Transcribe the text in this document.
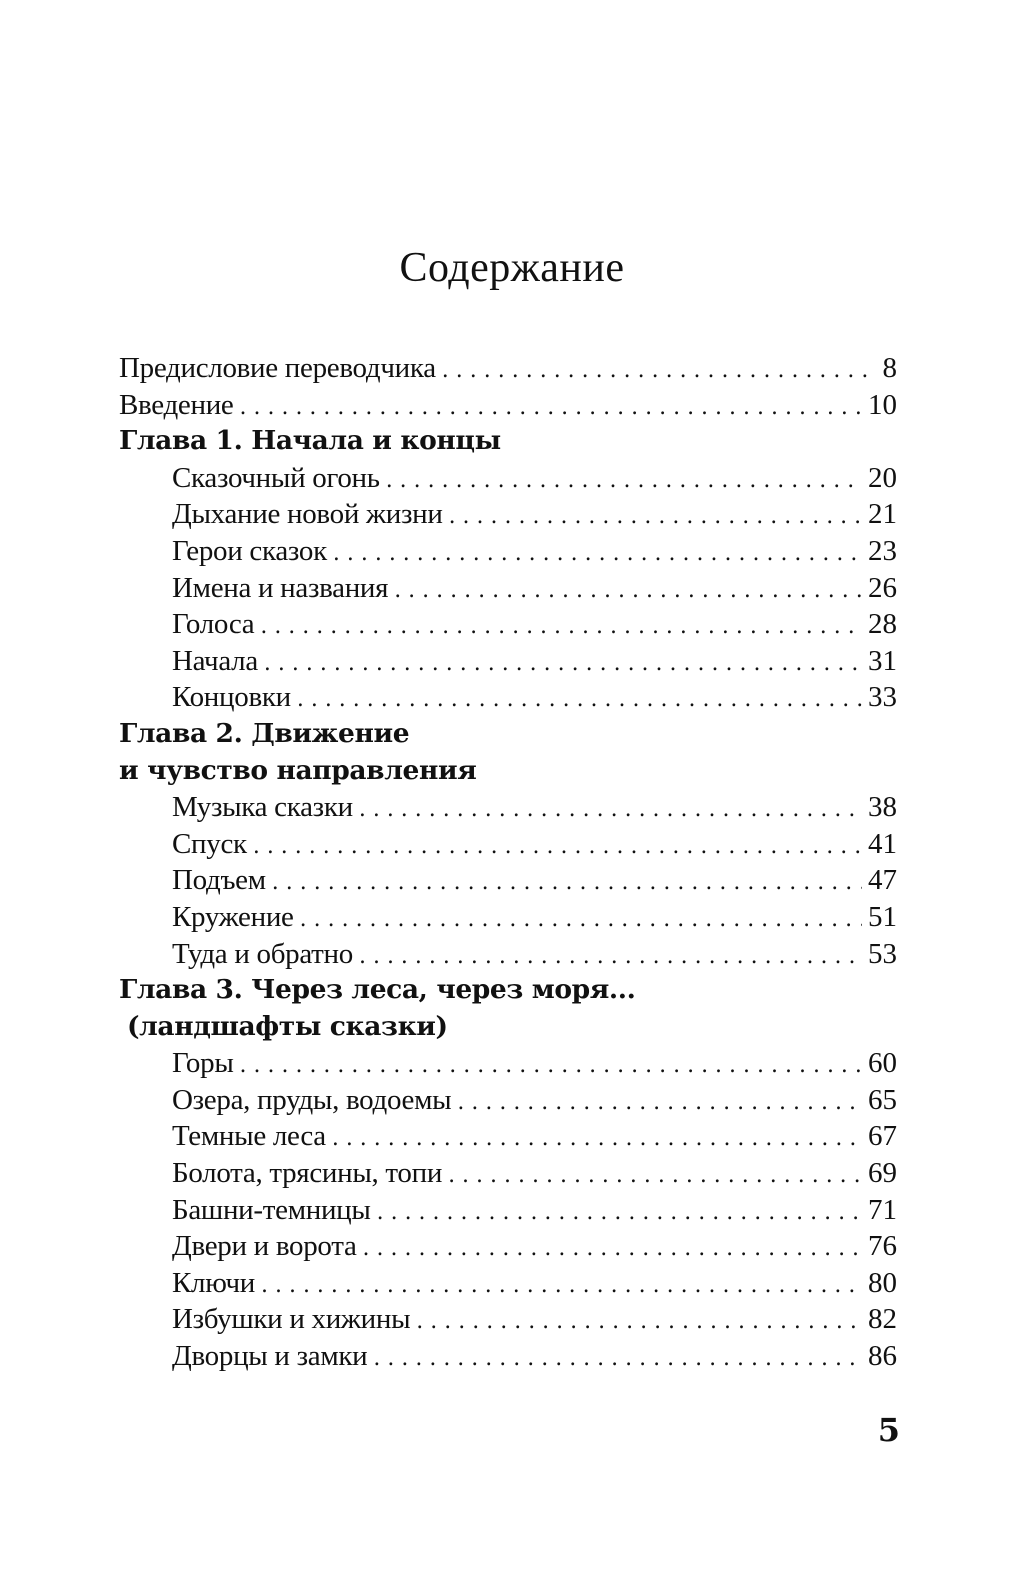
Содержание
Предисловие переводчика . . .	8
Введение . . .	10
Глава 1. Начала и концы
Сказочный огонь . . .	20
Дыхание новой жизни . . .	21
Герои сказок . . .	23
Имена и названия . . .	26
Голоса . . .	28
Начала . . .	31
Концовки . . .	33
Глава 2. Движение
и чувство направления
Музыка сказки . . .	38
Спуск . . .	41
Подъем . . .	47
Кружение . . .	51
Туда и обратно . . .	53
Глава 3. Через леса, через моря...
(ландшафты сказки)
Горы . . .	60
Озера, пруды, водоемы . . .	65
Темные леса . . .	67
Болота, трясины, топи . . .	69
Башни-темницы . . .	71
Двери и ворота . . .	76
Ключи . . .	80
Избушки и хижины . . .	82
Дворцы и замки . . .	86
5
